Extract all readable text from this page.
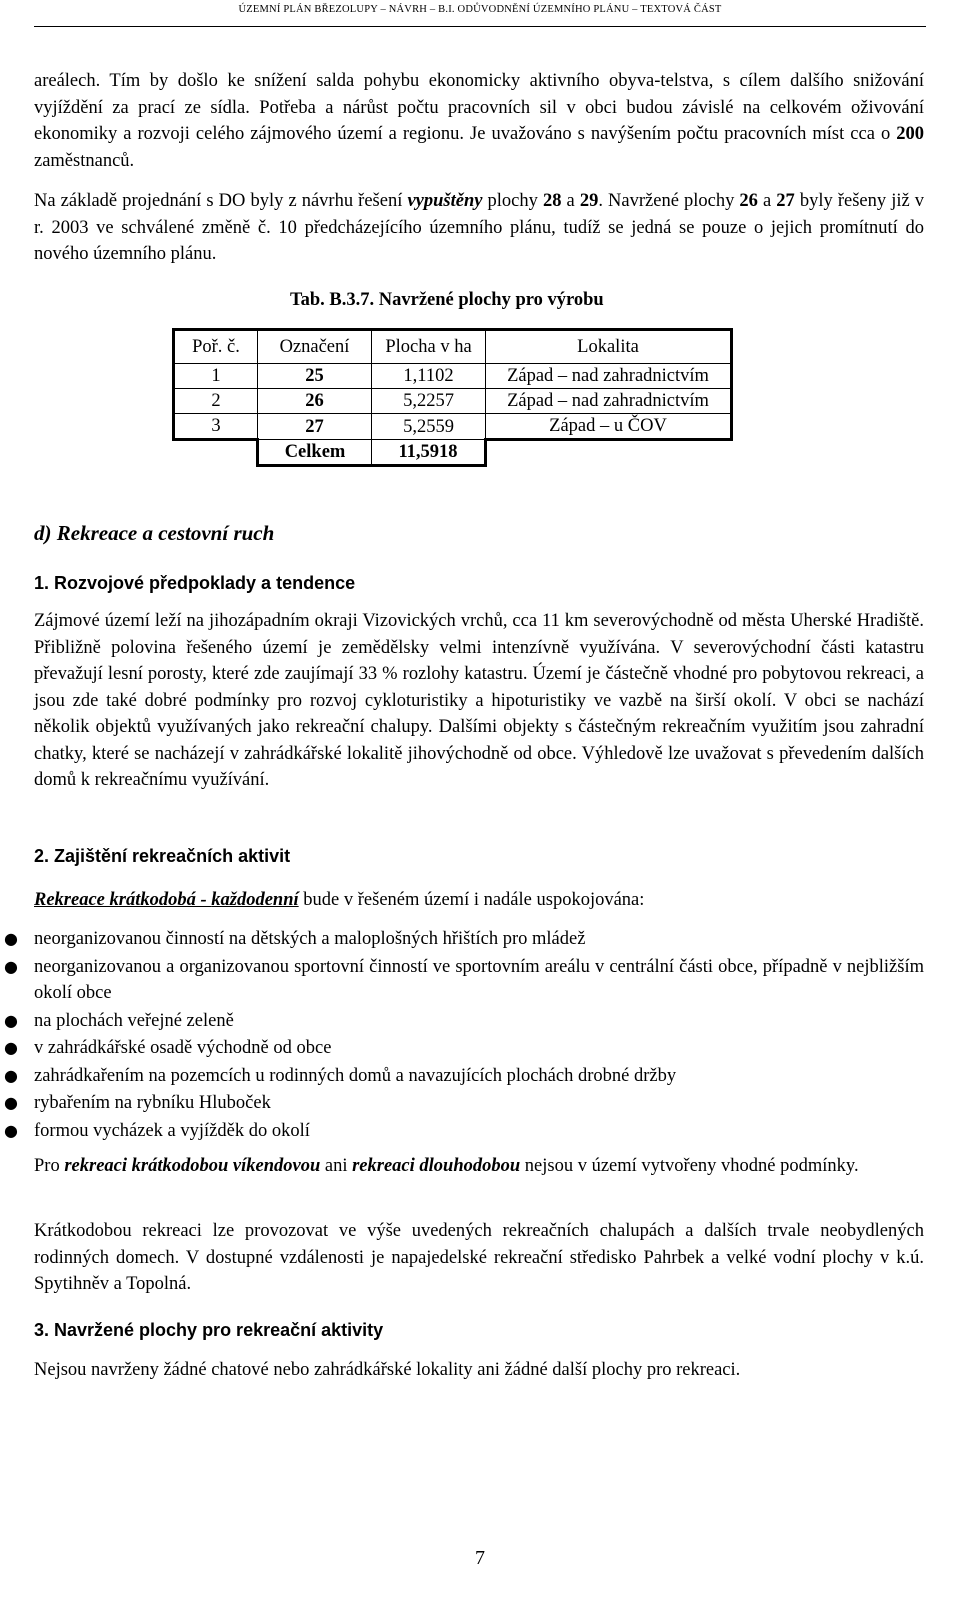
ÚZEMNÍ PLÁN BŘEZOLUPY – NÁVRH – B.I. ODŮVODNĚNÍ ÚZEMNÍHO PLÁNU – TEXTOVÁ ČÁST

areálech. Tím by došlo ke snížení salda pohybu ekonomicky aktivního obyva-telstva, s cílem dalšího snižování vyjíždění za prací ze sídla. Potřeba a nárůst počtu pracovních sil v obci budou závislé na celkovém oživování ekonomiky a rozvoji celého zájmového území a regionu. Je uvažováno s navýšením počtu pracovních míst cca o 200 zaměstnanců.

Na základě projednání s DO byly z návrhu řešení vypuštěny plochy 28 a 29. Navržené plochy 26 a 27 byly řešeny již v r. 2003 ve schválené změně č. 10 předcházejícího územního plánu, tudíž se jedná se pouze o jejich promítnutí do nového územního plánu.

Tab. B.3.7. Navržené plochy pro výrobu
Poř. č.	Označení	Plocha v ha	Lokalita
1	25	1,1102	Západ – nad zahradnictvím
2	26	5,2257	Západ – nad zahradnictvím
3	27	5,2559	Západ – u ČOV
	Celkem	11,5918	
d) Rekreace a cestovní ruch
1. Rozvojové předpoklady a tendence

Zájmové území leží na jihozápadním okraji Vizovických vrchů, cca 11 km severovýchodně od města Uherské Hradiště. Přibližně polovina řešeného území je zemědělsky velmi intenzívně využívána. V severovýchodní části katastru převažují lesní porosty, které zde zaujímají 33 % rozlohy katastru. Území je částečně vhodné pro pobytovou rekreaci, a jsou zde také dobré podmínky pro rozvoj cykloturistiky a hipoturistiky ve vazbě na širší okolí. V obci se nachází několik objektů využívaných jako rekreační chalupy. Dalšími objekty s částečným rekreačním využitím jsou zahradní chatky, které se nacházejí v zahrádkářské lokalitě jihovýchodně od obce. Výhledově lze uvažovat s převedením dalších domů k rekreačnímu využívání.

2. Zajištění rekreačních aktivit

Rekreace krátkodobá - každodenní bude v řešeném území i nadále uspokojována:

● neorganizovanou činností na dětských a maloplošných hřištích pro mládež
● neorganizovanou a organizovanou sportovní činností ve sportovním areálu v centrální části obce, případně v nejbližším okolí obce
● na plochách veřejné zeleně
● v zahrádkářské osadě východně od obce
● zahrádkařením na pozemcích u rodinných domů a navazujících plochách drobné držby
● rybařením na rybníku Hluboček
● formou vycházek a vyjížděk do okolí

Pro rekreaci krátkodobou víkendovou ani rekreaci dlouhodobou nejsou v území vytvořeny vhodné podmínky.

Krátkodobou rekreaci lze provozovat ve výše uvedených rekreačních chalupách a dalších trvale neobydlených rodinných domech. V dostupné vzdálenosti je napajedelské rekreační středisko Pahrbek a velké vodní plochy v k.ú. Spytihněv a Topolná.

3. Navržené plochy pro rekreační aktivity

Nejsou navrženy žádné chatové nebo zahrádkářské lokality ani žádné další plochy pro rekreaci.

7
